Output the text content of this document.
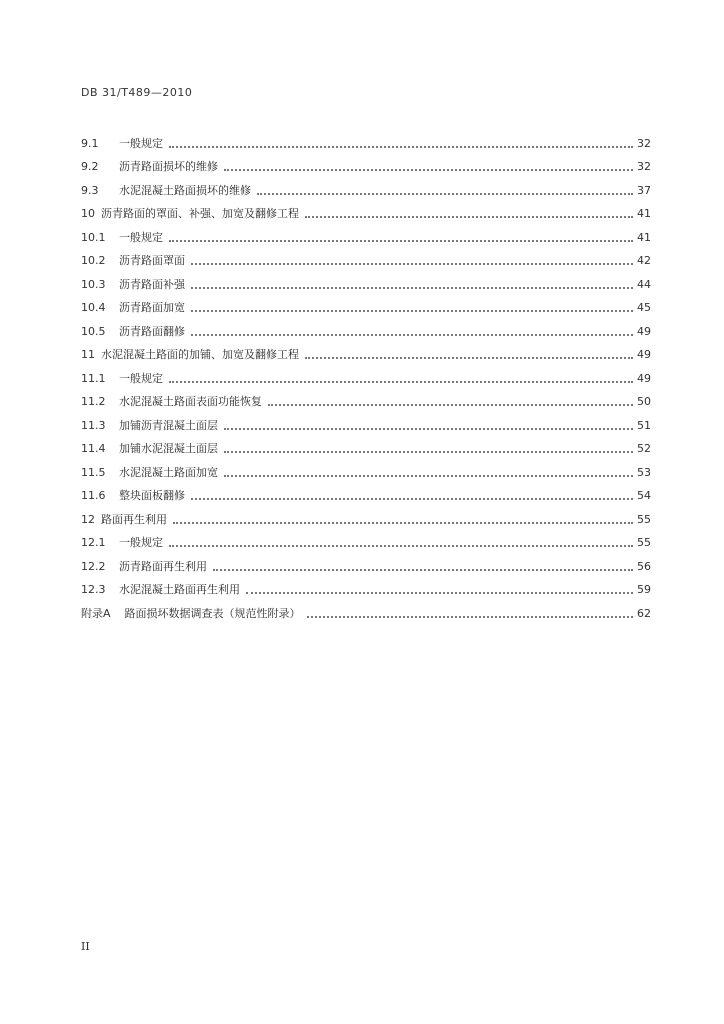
DB 31/T489—2010
9.1	一般规定	32
9.2	沥青路面损坏的维修	32
9.3	水泥混凝土路面损坏的维修	37
10 沥青路面的罩面、补强、加宽及翻修工程	41
10.1	一般规定	41
10.2	沥青路面罩面	42
10.3	沥青路面补强	44
10.4	沥青路面加宽	45
10.5	沥青路面翻修	49
11 水泥混凝土路面的加铺、加宽及翻修工程	49
11.1	一般规定	49
11.2	水泥混凝土路面表面功能恢复	50
11.3	加铺沥青混凝土面层	51
11.4	加铺水泥混凝土面层	52
11.5	水泥混凝土路面加宽	53
11.6	整块面板翻修	54
12 路面再生利用	55
12.1	一般规定	55
12.2	沥青路面再生利用	56
12.3	水泥混凝土路面再生利用	59
附录A 路面损坏数据调查表（规范性附录）	62
II
